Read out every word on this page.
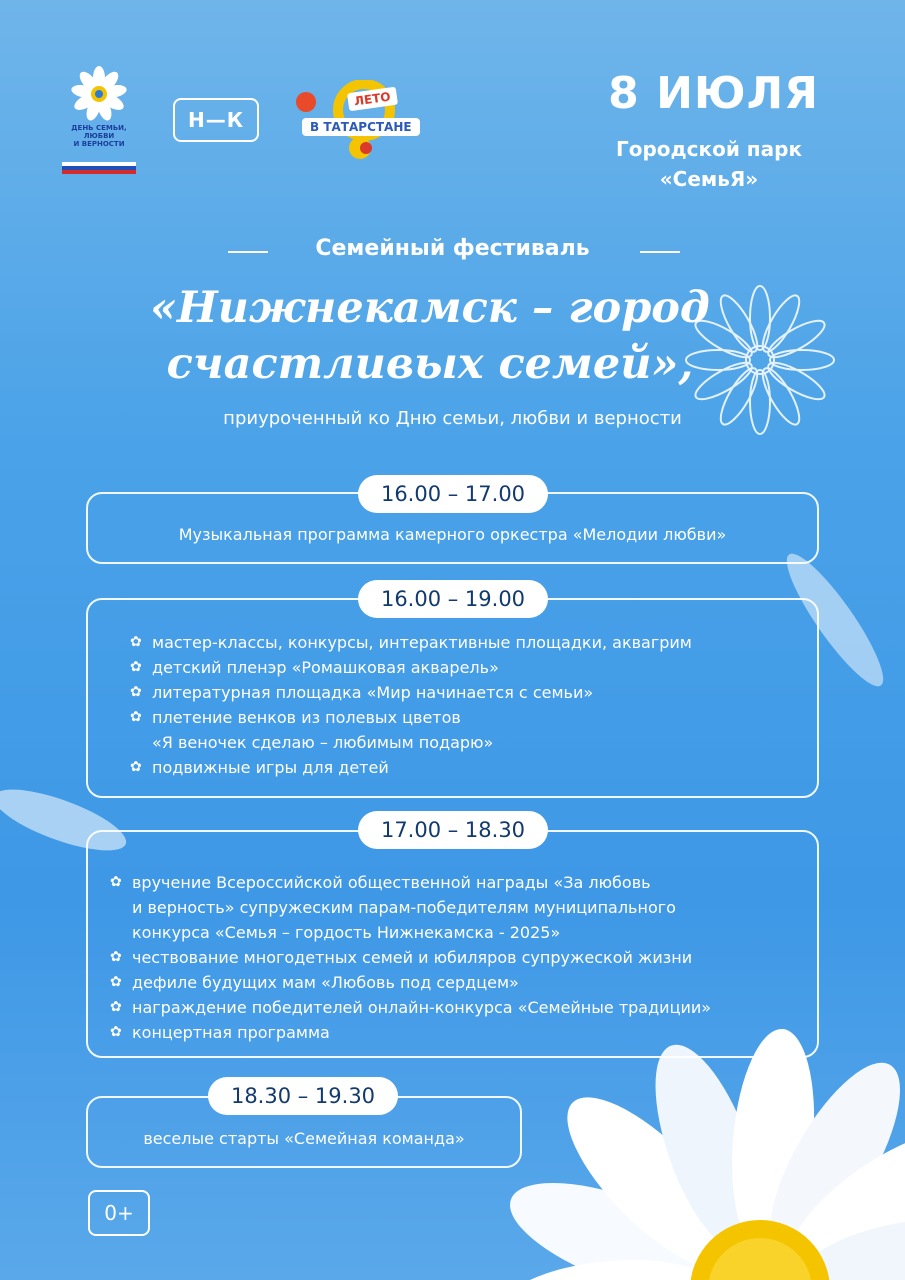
ДЕНЬ СЕМЬИ,
ЛЮБВИ
И ВЕРНОСТИ
Н—К
ЛЕТО
В ТАТАРСТАНЕ
8 ИЮЛЯ
Городской парк
«СемьЯ»
Семейный фестиваль
«Нижнекамск – город
счастливых семей»,
приуроченный ко Дню семьи, любви и верности
16.00 – 17.00
Музыкальная программа камерного оркестра «Мелодии любви»
16.00 – 19.00
✿ мастер-классы, конкурсы, интерактивные площадки, аквагрим
✿ детский пленэр «Ромашковая акварель»
✿ литературная площадка «Мир начинается с семьи»
✿ плетение венков из полевых цветов
«Я веночек сделаю – любимым подарю»
✿ подвижные игры для детей
17.00 – 18.30
✿ вручение Всероссийской общественной награды «За любовь
и верность» супружеским парам-победителям муниципального
конкурса «Семья – гордость Нижнекамска - 2025»
✿ чествование многодетных семей и юбиляров супружеской жизни
✿ дефиле будущих мам «Любовь под сердцем»
✿ награждение победителей онлайн-конкурса «Семейные традиции»
✿ концертная программа
18.30 – 19.30
веселые старты «Семейная команда»
0+
